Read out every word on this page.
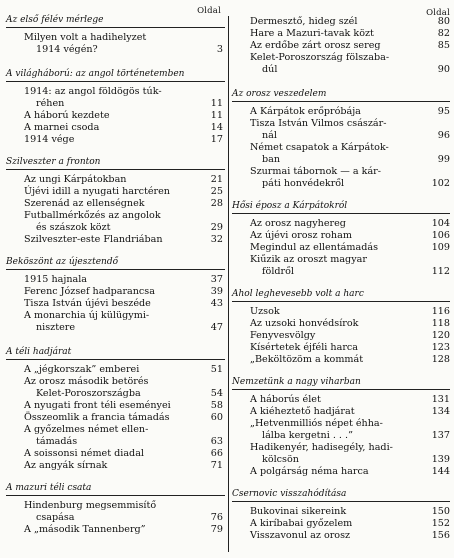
Oldal
Az első félév mérlege
Milyen volt a hadihelyzet
1914 végén?	3
A világháború: az angol történetemben
1914: az angol földögös túk-
réhen	11
A háború kezdete	11
A marnei csoda	14
1914 vége	17
Szilveszter a fronton
Az ungi Kárpátokban	21
Újévi idill a nyugati harctéren	25
Szerenád az ellenségnek	28
Futballmérkőzés az angolok
és szászok közt	29
Szilveszter-este Flandriában	32
Beköszönt az újesztendő
1915 hajnala	37
Ferenc József hadparancsa	39
Tisza István újévi beszéde	43
A monarchia új külügymi-
nisztere	47
A téli hadjárat
A „jégkorszak” emberei	51
Az orosz második betörés
Kelet-Poroszországba	54
A nyugati front téli eseményei	58
Összeomlik a francia támadás	60
A győzelmes német ellen-
támadás	63
A soissonsi német diadal	66
Az angyák sírnak	71
A mazuri téli csata
Hindenburg megsemmisítő
csapása	76
A „második Tannenberg”	79
Oldal
Dermesztő, hideg szél	80
Hare a Mazuri-tavak közt	82
Az erdőbe zárt orosz sereg	85
Kelet-Poroszország fölszaba-
dúl	90
Az orosz veszedelem
A Kárpátok erőpróbája	95
Tisza István Vilmos császár-
nál	96
Német csapatok a Kárpátok-
ban	99
Szurmai tábornok — a kár-
páti honvédekről	102
Hősi éposz a Kárpátokról
Az orosz nagyhereg	104
Az újévi orosz roham	106
Megindul az ellentámadás	109
Kiűzik az oroszt magyar
földről	112
Ahol leghevesebb volt a harc
Uzsok	116
Az uzsoki honvédsírok	118
Fenyvesvölgy	120
Kísértetek éjféli harca	123
„Beköltözöm a kommát	128
Nemzetünk a nagy viharban
A háborús élet	131
A kiéheztető hadjárat	134
„Hetvenmilliós népet éhha-
lálba kergetni . . .”	137
Hadikenyér, hadisegély, hadi-
kölcsön	139
A polgárság néma harca	144
Csernovic visszahódítása
Bukovinai sikereink	150
A kiríbabai győzelem	152
Visszavonul az orosz	156
